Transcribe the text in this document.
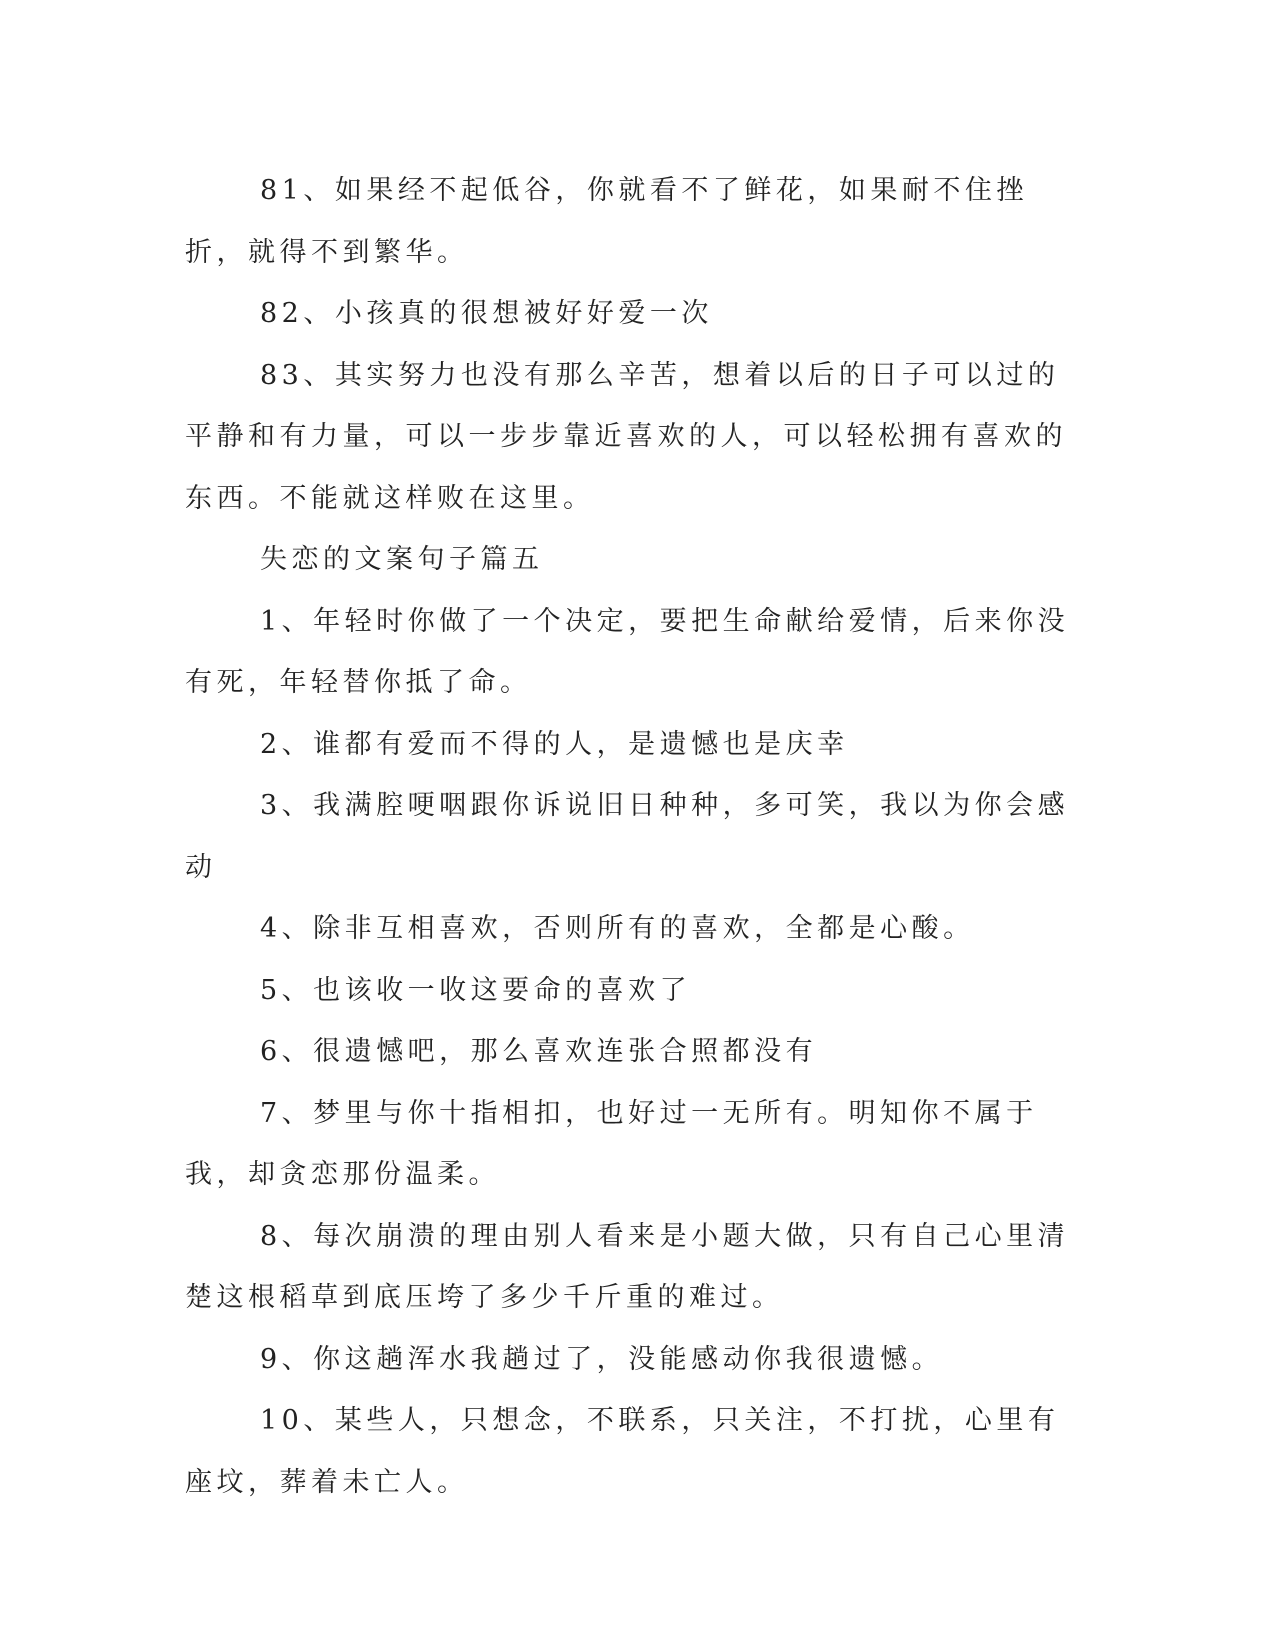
81、如果经不起低谷，你就看不了鲜花，如果耐不住挫折，就得不到繁华。

82、小孩真的很想被好好爱一次

83、其实努力也没有那么辛苦，想着以后的日子可以过的平静和有力量，可以一步步靠近喜欢的人，可以轻松拥有喜欢的东西。不能就这样败在这里。

失恋的文案句子篇五

1、年轻时你做了一个决定，要把生命献给爱情，后来你没有死，年轻替你抵了命。

2、谁都有爱而不得的人，是遗憾也是庆幸

3、我满腔哽咽跟你诉说旧日种种，多可笑，我以为你会感动

4、除非互相喜欢，否则所有的喜欢，全都是心酸。

5、也该收一收这要命的喜欢了

6、很遗憾吧，那么喜欢连张合照都没有

7、梦里与你十指相扣，也好过一无所有。明知你不属于我，却贪恋那份温柔。

8、每次崩溃的理由别人看来是小题大做，只有自己心里清楚这根稻草到底压垮了多少千斤重的难过。

9、你这趟浑水我趟过了，没能感动你我很遗憾。

10、某些人，只想念，不联系，只关注，不打扰，心里有座坟，葬着未亡人。
